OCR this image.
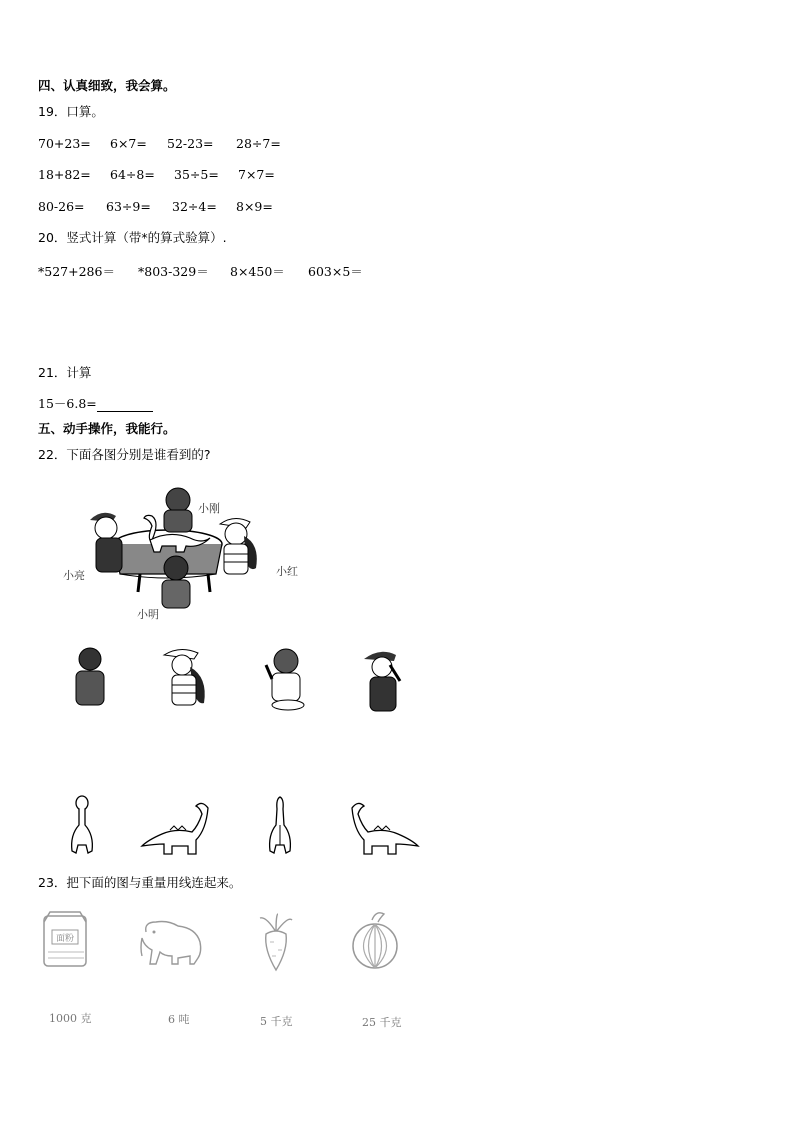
四、认真细致，我会算。
19．口算。
70+23= 6×7= 52-23= 28÷7=
18+82= 64÷8= 35÷5= 7×7=
80-26= 63÷9= 32÷4= 8×9=
20．竖式计算（带*的算式验算）.
*527+286＝ *803-329＝ 8×450＝ 603×5＝
21．计算
15－6.8=
五、动手操作，我能行。
22．下面各图分别是谁看到的?
小刚
小亮	小红
小明
23．把下面的图与重量用线连起来。
面粉
1000 克	6 吨	5 千克	25 千克
